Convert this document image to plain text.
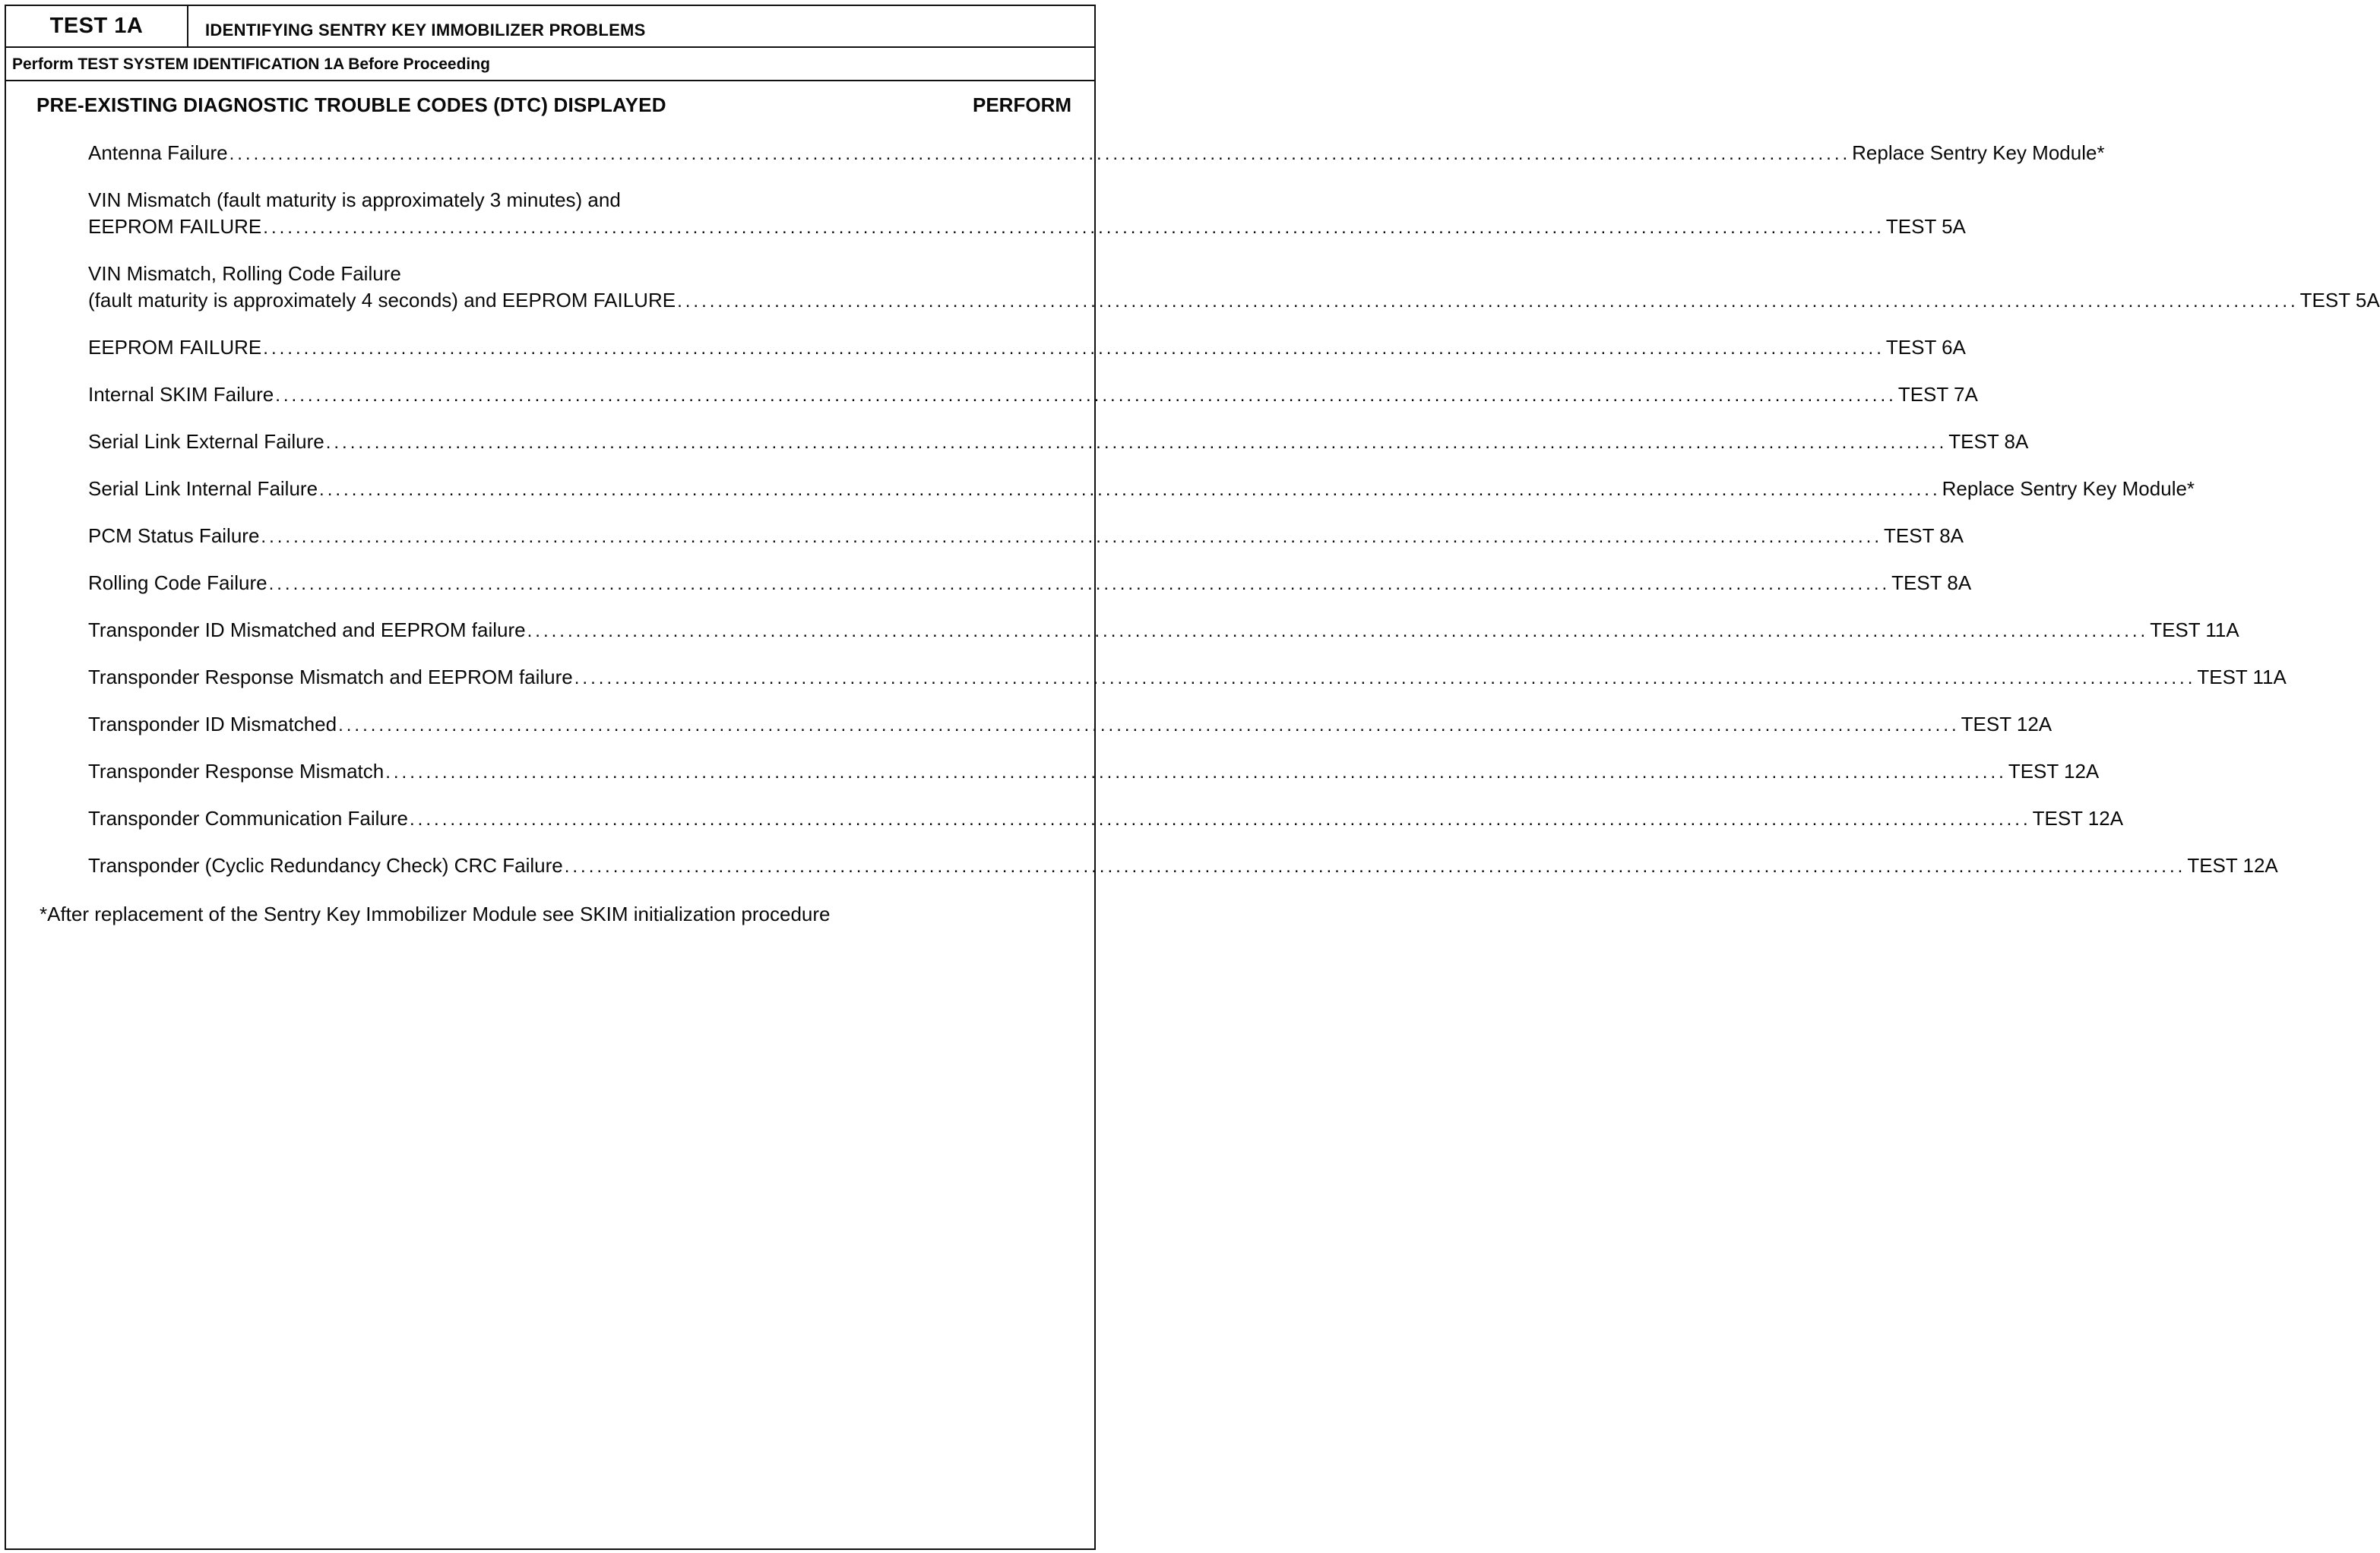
TEST 1A	IDENTIFYING SENTRY KEY IMMOBILIZER PROBLEMS
Perform TEST SYSTEM IDENTIFICATION 1A Before Proceeding
PRE-EXISTING DIAGNOSTIC TROUBLE CODES (DTC) DISPLAYED	PERFORM
Antenna Failure ........................................................................................................................................................................................................ Replace Sentry Key Module*
VIN Mismatch (fault maturity is approximately 3 minutes) and
EEPROM FAILURE ........................................................................................................................................................................................................ TEST 5A
VIN Mismatch, Rolling Code Failure
(fault maturity is approximately 4 seconds) and EEPROM FAILURE ........................................................................................................................................................................................................ TEST 5A
EEPROM FAILURE ........................................................................................................................................................................................................ TEST 6A
Internal SKIM Failure ........................................................................................................................................................................................................ TEST 7A
Serial Link External Failure ........................................................................................................................................................................................................ TEST 8A
Serial Link Internal Failure ........................................................................................................................................................................................................ Replace Sentry Key Module*
PCM Status Failure ........................................................................................................................................................................................................ TEST 8A
Rolling Code Failure ........................................................................................................................................................................................................ TEST 8A
Transponder ID Mismatched and EEPROM failure ........................................................................................................................................................................................................ TEST 11A
Transponder Response Mismatch and EEPROM failure ........................................................................................................................................................................................................ TEST 11A
Transponder ID Mismatched ........................................................................................................................................................................................................ TEST 12A
Transponder Response Mismatch ........................................................................................................................................................................................................ TEST 12A
Transponder Communication Failure ........................................................................................................................................................................................................ TEST 12A
Transponder (Cyclic Redundancy Check) CRC Failure ........................................................................................................................................................................................................ TEST 12A
*After replacement of the Sentry Key Immobilizer Module see SKIM initialization procedure
